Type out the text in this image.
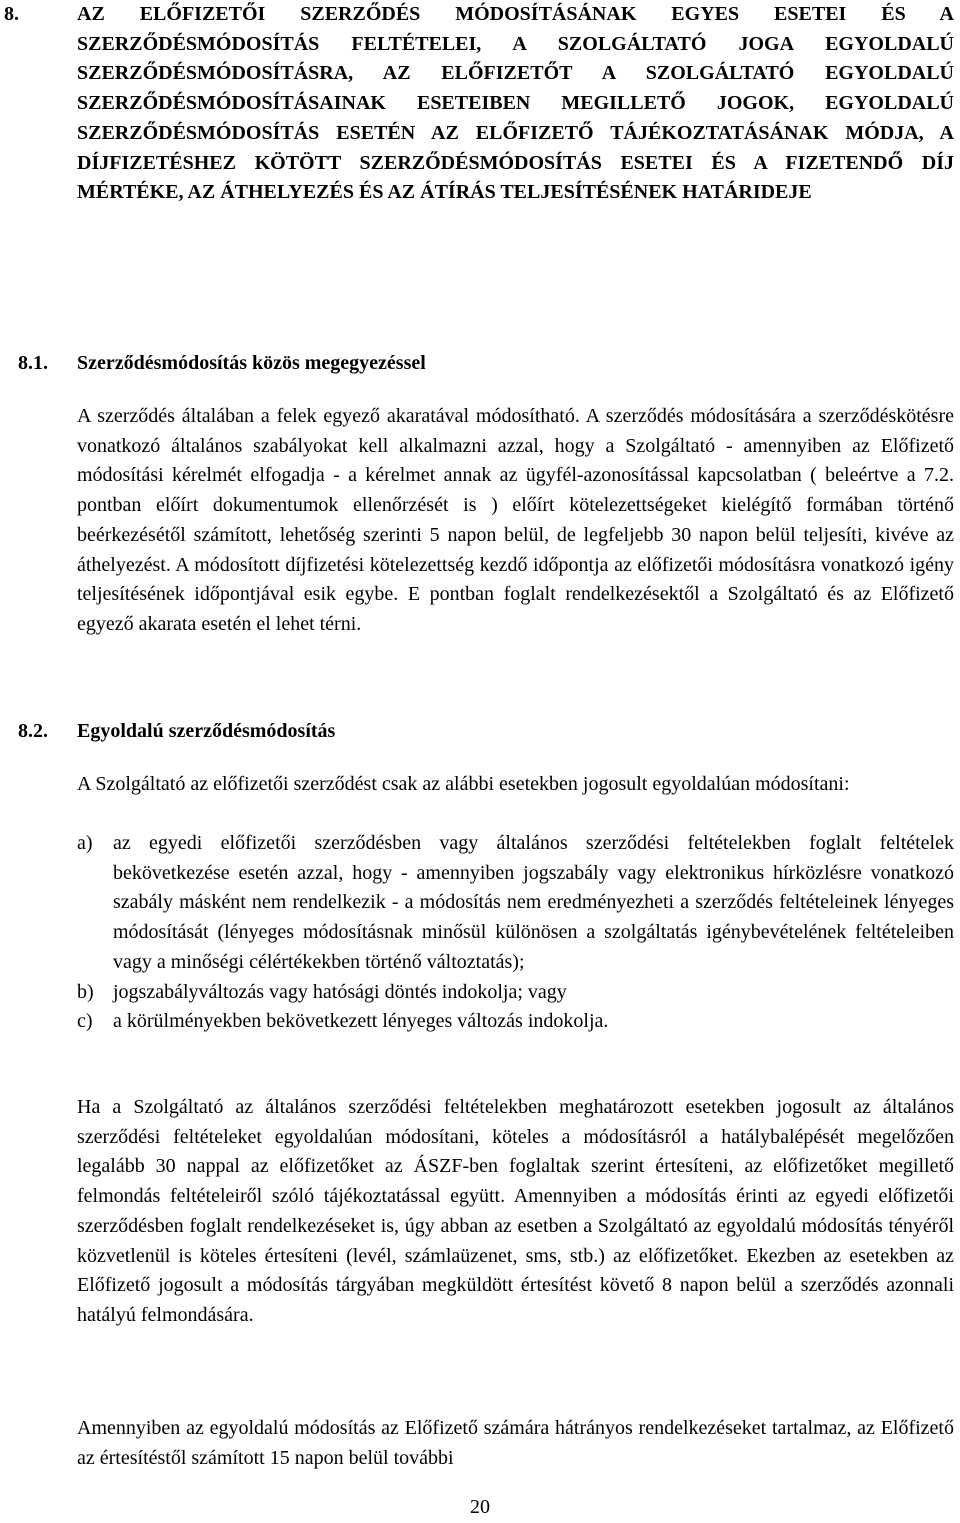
8.	AZ ELŐFIZETŐI SZERZŐDÉS MÓDOSÍTÁSÁNAK EGYES ESETEI ÉS A SZERZŐDÉSMÓDOSÍTÁS FELTÉTELEI, A SZOLGÁLTATÓ JOGA EGYOLDALÚ SZERZŐDÉSMÓDOSÍTÁSRA, AZ ELŐFIZETŐT A SZOLGÁLTATÓ EGYOLDALÚ SZERZŐDÉSMÓDOSÍTÁSAINAK ESETEIBEN MEGILLETŐ JOGOK, EGYOLDALÚ SZERZŐDÉSMÓDOSÍTÁS ESETÉN AZ ELŐFIZETŐ TÁJÉKOZTATÁSÁNAK MÓDJA, A DÍJFIZETÉSHEZ KÖTÖTT SZERZŐDÉSMÓDOSÍTÁS ESETEI ÉS A FIZETENDŐ DÍJ MÉRTÉKE, AZ ÁTHELYEZÉS ÉS AZ ÁTÍRÁS TELJESÍTÉSÉNEK HATÁRIDEJE
8.1. Szerződésmódosítás közös megegyezéssel

A szerződés általában a felek egyező akaratával módosítható. A szerződés módosítására a szerződéskötésre vonatkozó általános szabályokat kell alkalmazni azzal, hogy a Szolgáltató - amennyiben az Előfizető módosítási kérelmét elfogadja - a kérelmet annak az ügyfél-azonosítással kapcsolatban ( beleértve a 7.2. pontban előírt dokumentumok ellenőrzését is ) előírt kötelezettségeket kielégítő formában történő beérkezésétől számított, lehetőség szerinti 5 napon belül, de legfeljebb 30 napon belül teljesíti, kivéve az áthelyezést. A módosított díjfizetési kötelezettség kezdő időpontja az előfizetői módosításra vonatkozó igény teljesítésének időpontjával esik egybe. E pontban foglalt rendelkezésektől a Szolgáltató és az Előfizető egyező akarata esetén el lehet térni.

8.2. Egyoldalú szerződésmódosítás

A Szolgáltató az előfizetői szerződést csak az alábbi esetekben jogosult egyoldalúan módosítani:

a) az egyedi előfizetői szerződésben vagy általános szerződési feltételekben foglalt feltételek bekövetkezése esetén azzal, hogy - amennyiben jogszabály vagy elektronikus hírközlésre vonatkozó szabály másként nem rendelkezik - a módosítás nem eredményezheti a szerződés feltételeinek lényeges módosítását (lényeges módosításnak minősül különösen a szolgáltatás igénybevételének feltételeiben vagy a minőségi célértékekben történő változtatás);
b) jogszabályváltozás vagy hatósági döntés indokolja; vagy
c) a körülményekben bekövetkezett lényeges változás indokolja.

Ha a Szolgáltató az általános szerződési feltételekben meghatározott esetekben jogosult az általános szerződési feltételeket egyoldalúan módosítani, köteles a módosításról a hatálybalépését megelőzően legalább 30 nappal az előfizetőket az ÁSZF-ben foglaltak szerint értesíteni, az előfizetőket megillető felmondás feltételeiről szóló tájékoztatással együtt. Amennyiben a módosítás érinti az egyedi előfizetői szerződésben foglalt rendelkezéseket is, úgy abban az esetben a Szolgáltató az egyoldalú módosítás tényéről közvetlenül is köteles értesíteni (levél, számlaüzenet, sms, stb.) az előfizetőket. Ekezben az esetekben az Előfizető jogosult a módosítás tárgyában megküldött értesítést követő 8 napon belül a szerződés azonnali hatályú felmondására.

Amennyiben az egyoldalú módosítás az Előfizető számára hátrányos rendelkezéseket tartalmaz, az Előfizető az értesítéstől számított 15 napon belül további

20
